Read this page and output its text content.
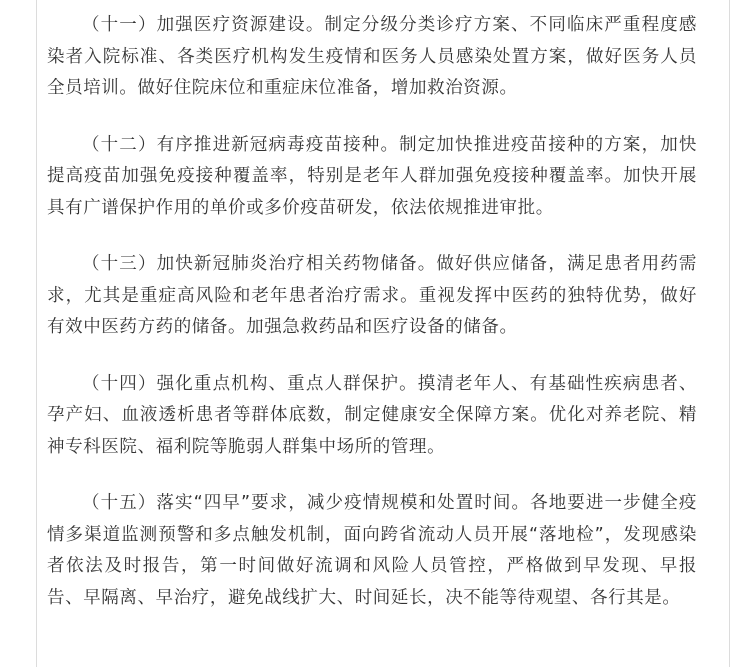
（十一）加强医疗资源建设。制定分级分类诊疗方案、不同临床严重程度感染者入院标准、各类医疗机构发生疫情和医务人员感染处置方案，做好医务人员全员培训。做好住院床位和重症床位准备，增加救治资源。

（十二）有序推进新冠病毒疫苗接种。制定加快推进疫苗接种的方案，加快提高疫苗加强免疫接种覆盖率，特别是老年人群加强免疫接种覆盖率。加快开展具有广谱保护作用的单价或多价疫苗研发，依法依规推进审批。

（十三）加快新冠肺炎治疗相关药物储备。做好供应储备，满足患者用药需求，尤其是重症高风险和老年患者治疗需求。重视发挥中医药的独特优势，做好有效中医药方药的储备。加强急救药品和医疗设备的储备。

（十四）强化重点机构、重点人群保护。摸清老年人、有基础性疾病患者、孕产妇、血液透析患者等群体底数，制定健康安全保障方案。优化对养老院、精神专科医院、福利院等脆弱人群集中场所的管理。

（十五）落实“四早”要求，减少疫情规模和处置时间。各地要进一步健全疫情多渠道监测预警和多点触发机制，面向跨省流动人员开展“落地检”，发现感染者依法及时报告，第一时间做好流调和风险人员管控，严格做到早发现、早报告、早隔离、早治疗，避免战线扩大、时间延长，决不能等待观望、各行其是。
